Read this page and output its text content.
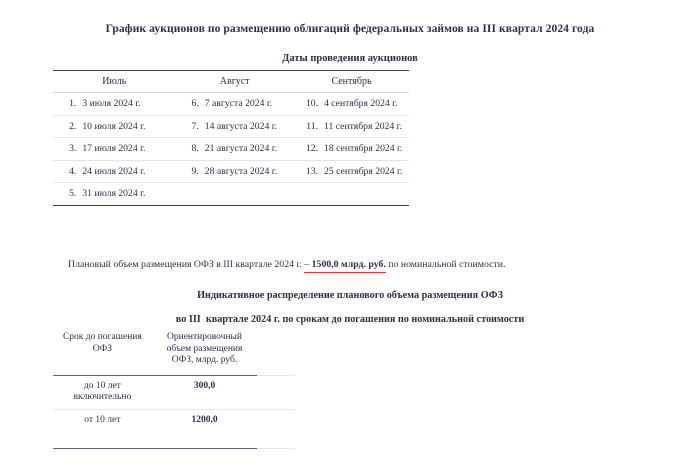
График аукционов по размещению облигаций федеральных займов на III квартал 2024 года
Даты проведения аукционов
Июль		Август		Сентябрь	
1.	3 июля 2024 г.	6.	7 августа 2024 г.	10.	4 сентября 2024 г.
2.	10 июля 2024 г.	7.	14 августа 2024 г.	11.	11 сентября 2024 г.
3.	17 июля 2024 г.	8.	21 августа 2024 г.	12.	18 сентября 2024 г.
4.	24 июля 2024 г.	9.	28 августа 2024 г.	13.	25 сентября 2024 г.
5.	31 июля 2024 г.				
Плановый объем размещения ОФЗ в III квартале 2024 г. – 1500,0 млрд. руб. по номинальной стоимости.
Индикативное распределение планового объема размещения ОФЗ
во III  квартале 2024 г. по срокам до погашения по номинальной стоимости
Срок до погашения ОФЗ	Ориентировочный объем размещения ОФЗ, млрд. руб.	
до 10 лет включительно	300,0	
от 10 лет	1200,0	
